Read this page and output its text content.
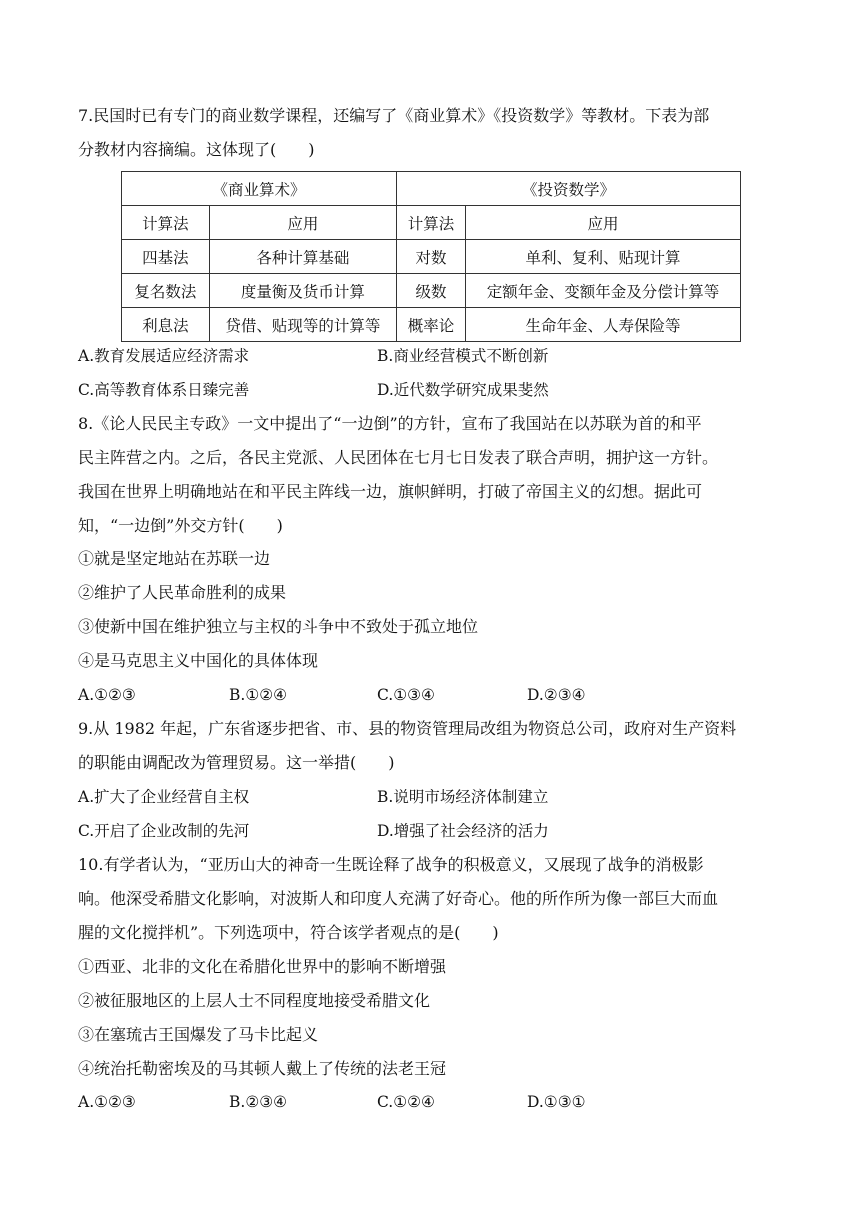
7.民国时已有专门的商业数学课程，还编写了《商业算术》《投资数学》等教材。下表为部
分教材内容摘编。这体现了(　　)
《商业算术》		《投资数学》	
计算法	应用	计算法	应用
四基法	各种计算基础	对数	单利、复利、贴现计算
复名数法	度量衡及货币计算	级数	定额年金、变额年金及分偿计算等
利息法	贷借、贴现等的计算等	概率论	生命年金、人寿保险等
A.教育发展适应经济需求	B.商业经营模式不断创新
C.高等教育体系日臻完善	D.近代数学研究成果斐然
8.《论人民民主专政》一文中提出了“一边倒”的方针，宣布了我国站在以苏联为首的和平
民主阵营之内。之后，各民主党派、人民团体在七月七日发表了联合声明，拥护这一方针。
我国在世界上明确地站在和平民主阵线一边，旗帜鲜明，打破了帝国主义的幻想。据此可
知，“一边倒”外交方针(　　)
①就是坚定地站在苏联一边
②维护了人民革命胜利的成果
③使新中国在维护独立与主权的斗争中不致处于孤立地位
④是马克思主义中国化的具体体现
A.①②③	B.①②④	C.①③④	D.②③④
9.从 1982 年起，广东省逐步把省、市、县的物资管理局改组为物资总公司，政府对生产资料
的职能由调配改为管理贸易。这一举措(　　)
A.扩大了企业经营自主权	B.说明市场经济体制建立
C.开启了企业改制的先河	D.增强了社会经济的活力
10.有学者认为，“亚历山大的神奇一生既诠释了战争的积极意义，又展现了战争的消极影
响。他深受希腊文化影响，对波斯人和印度人充满了好奇心。他的所作所为像一部巨大而血
腥的文化搅拌机”。下列选项中，符合该学者观点的是(　　)
①西亚、北非的文化在希腊化世界中的影响不断增强
②被征服地区的上层人士不同程度地接受希腊文化
③在塞琉古王国爆发了马卡比起义
④统治托勒密埃及的马其顿人戴上了传统的法老王冠
A.①②③	B.②③④	C.①②④	D.①③①
